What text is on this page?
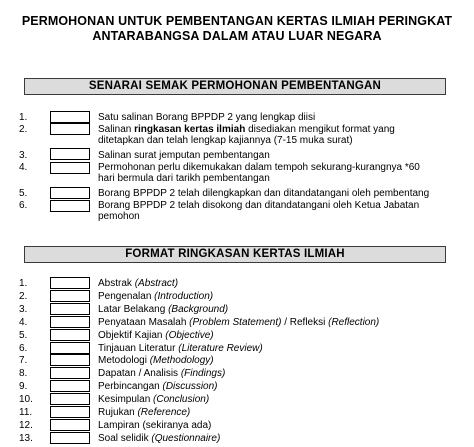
PERMOHONAN UNTUK PEMBENTANGAN KERTAS ILMIAH PERINGKAT
ANTARABANGSA DALAM ATAU LUAR NEGARA
SENARAI SEMAK PERMOHONAN PEMBENTANGAN
1.	Satu salinan Borang BPPDP 2 yang lengkap diisi
2.	Salinan ringkasan kertas ilmiah disediakan mengikut format yang
ditetapkan dan telah lengkap kajiannya (7-15 muka surat)
3.	Salinan surat jemputan pembentangan
4.	Permohonan perlu dikemukakan dalam tempoh sekurang-kurangnya *60
hari bermula dari tarikh pembentangan
5.	Borang BPPDP 2 telah dilengkapkan dan ditandatangani oleh pembentang
6.	Borang BPPDP 2 telah disokong dan ditandatangani oleh Ketua Jabatan
pemohon
FORMAT RINGKASAN KERTAS ILMIAH
1.	Abstrak (Abstract)
2.	Pengenalan (Introduction)
3.	Latar Belakang (Background)
4.	Penyataan Masalah (Problem Statement) / Refleksi (Reflection)
5.	Objektif Kajian (Objective)
6.	Tinjauan Literatur (Literature Review)
7.	Metodologi (Methodology)
8.	Dapatan / Analisis (Findings)
9.	Perbincangan (Discussion)
10.	Kesimpulan (Conclusion)
11.	Rujukan (Reference)
12.	Lampiran (sekiranya ada)
13.	Soal selidik (Questionnaire)
